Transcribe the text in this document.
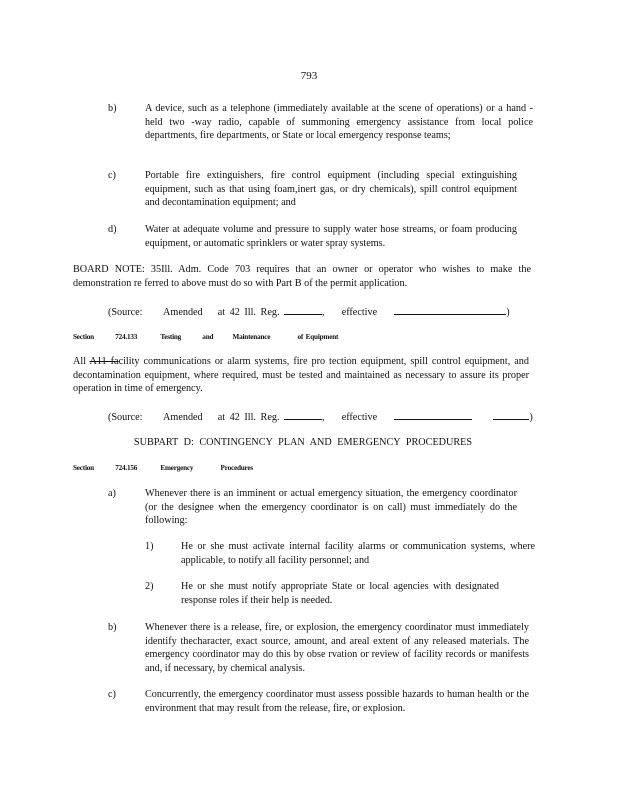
793
b)	A device, such as a telephone (immediately available at the scene of operations) or a hand -held two -way radio, capable of summoning emergency assistance from local police departments, fire departments, or State or local emergency response teams;
c)	Portable fire extinguishers, fire control equipment (including special extinguishing equipment, such as that using foam,inert gas, or dry chemicals), spill control equipment and decontamination equipment; and
d)	Water at adequate volume and pressure to supply water hose streams, or foam producing equipment, or automatic sprinklers or water spray systems.
BOARD NOTE: 35Ill. Adm. Code 703 requires that an owner or operator who wishes to make the demonstration re ferred to above must do so with Part B of the permit application.
(Source: Amended at 42 Ill. Reg.	, effective	)
Section	724.133	Testing	and	Maintenance	of Equipment
All A11 facility communications or alarm systems, fire pro tection equipment, spill control equipment, and decontamination equipment, where required, must be tested and maintained as necessary to assure its proper operation in time of emergency.
(Source: Amended at 42 Ill. Reg.	, effective	)
SUBPART D: CONTINGENCY PLAN AND EMERGENCY PROCEDURES
Section	724.156	Emergency	Procedures
a)	Whenever there is an imminent or actual emergency situation, the emergency coordinator (or the designee when the emergency coordinator is on call) must immediately do the following:
1)	He or she must activate internal facility alarms or communication systems, where applicable, to notify all facility personnel; and
2)	He or she must notify appropriate State or local agencies with designated response roles if their help is needed.
b)	Whenever there is a release, fire, or explosion, the emergency coordinator must immediately identify thecharacter, exact source, amount, and areal extent of any released materials. The emergency coordinator may do this by obse rvation or review of facility records or manifests and, if necessary, by chemical analysis.
c)	Concurrently, the emergency coordinator must assess possible hazards to human health or the environment that may result from the release, fire, or explosion.
